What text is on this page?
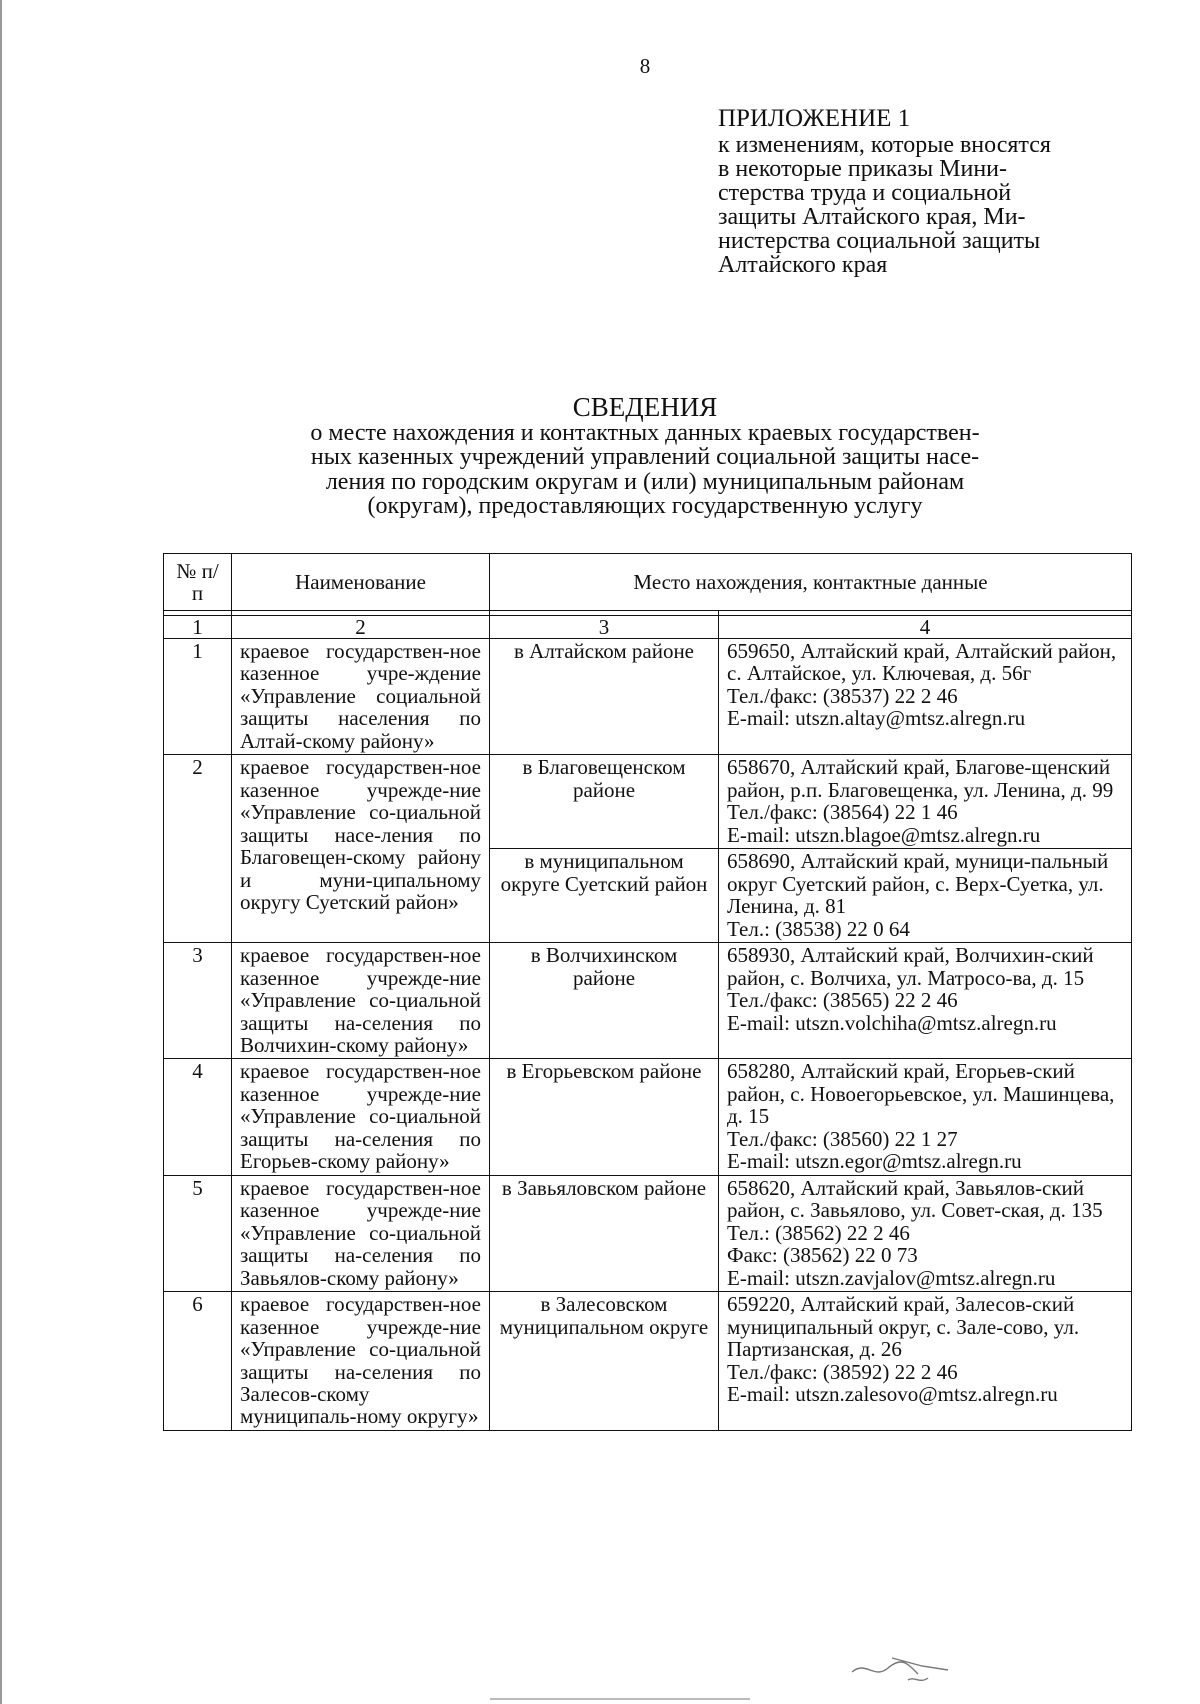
8
ПРИЛОЖЕНИЕ 1
к изменениям, которые вносятся
в некоторые приказы Мини-
стерства труда и социальной
защиты Алтайского края, Ми-
нистерства социальной защиты
Алтайского края
СВЕДЕНИЯ
о месте нахождения и контактных данных краевых государствен-
ных казенных учреждений управлений социальной защиты насе-
ления по городским округам и (или) муниципальным районам
(округам), предоставляющих государственную услугу
№ п/п	Наименование	Место нахождения, контактные данные	

1	2	3	4
1	краевое государствен-ное казенное учре-ждение «Управление социальной защиты населения по Алтай-скому району»	в Алтайском районе	659650, Алтайский край, Алтайский район, с. Алтайское, ул. Ключевая, д. 56г
Тел./факс: (38537) 22 2 46
E-mail: utszn.altay@mtsz.alregn.ru

2	краевое государствен-ное казенное учрежде-ние «Управление со-циальной защиты насе-ления по Благовещен-скому району и муни-ципальному округу Суетский район»	в Благовещенском районе	658670, Алтайский край, Благове-щенский район, р.п. Благовещенка, ул. Ленина, д. 99
Тел./факс: (38564) 22 1 46
E-mail: utszn.blagoe@mtsz.alregn.ru

		в муниципальном округе Суетский район	658690, Алтайский край, муници-пальный округ Суетский район, с. Верх-Суетка, ул. Ленина, д. 81
Тел.: (38538) 22 0 64

3	краевое государствен-ное казенное учрежде-ние «Управление со-циальной защиты на-селения по Волчихин-скому району»	в Волчихинском районе	658930, Алтайский край, Волчихин-ский район, с. Волчиха, ул. Матросо-ва, д. 15
Тел./факс: (38565) 22 2 46
E-mail: utszn.volchiha@mtsz.alregn.ru

4	краевое государствен-ное казенное учрежде-ние «Управление со-циальной защиты на-селения по Егорьев-скому району»	в Егорьевском районе	658280, Алтайский край, Егорьев-ский район, с. Новоегорьевское, ул. Машинцева, д. 15
Тел./факс: (38560) 22 1 27
E-mail: utszn.egor@mtsz.alregn.ru

5	краевое государствен-ное казенное учрежде-ние «Управление со-циальной защиты на-селения по Завьялов-скому району»	в Завьяловском районе	658620, Алтайский край, Завьялов-ский район, с. Завьялово, ул. Совет-ская, д. 135
Тел.: (38562) 22 2 46
Факс: (38562) 22 0 73
E-mail: utszn.zavjalov@mtsz.alregn.ru

6	краевое государствен-ное казенное учрежде-ние «Управление со-циальной защиты на-селения по Залесов-скому муниципаль-ному округу»	в Залесовском муниципальном округе	659220, Алтайский край, Залесов-ский муниципальный округ, с. Зале-сово, ул. Партизанская, д. 26
Тел./факс: (38592) 22 2 46
E-mail: utszn.zalesovo@mtsz.alregn.ru
